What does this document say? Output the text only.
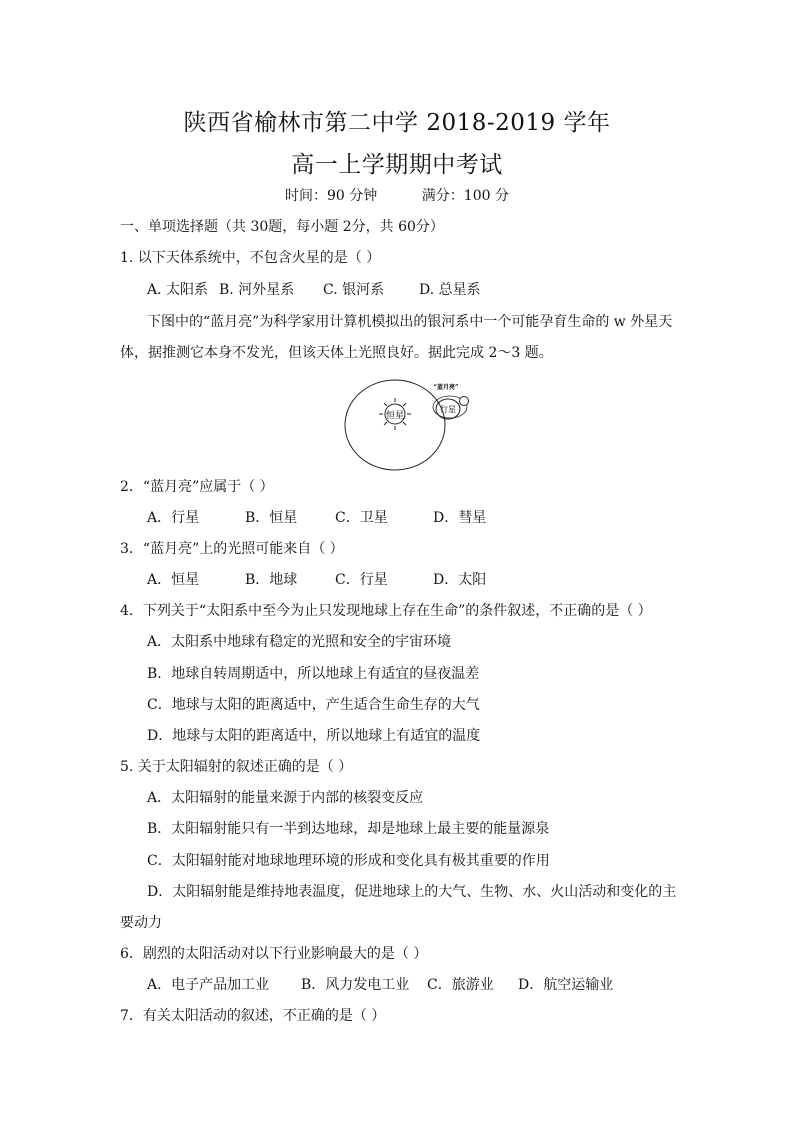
陕西省榆林市第二中学 2018-2019 学年
高一上学期期中考试
时间：90 分钟          满分：100 分
一、单项选择题（共 30题，每小题 2分，共 60分）
1. 以下天体系统中，不包含火星的是（ ）
A. 太阳系 B. 河外星系 C. 银河系 D. 总星系
下图中的“蓝月亮”为科学家用计算机模拟出的银河系中一个可能孕育生命的 w 外星天
体，据推测它本身不发光，但该天体上光照良好。据此完成 2～3 题。
恒星
行星
“蓝月亮”
2．“蓝月亮”应属于（ ）
A．行星	B．恒星	C．卫星	D．彗星
3．“蓝月亮”上的光照可能来自（ ）
A．恒星	B．地球	C．行星	D．太阳
4．下列关于“太阳系中至今为止只发现地球上存在生命”的条件叙述，不正确的是（ ）
A．太阳系中地球有稳定的光照和安全的宇宙环境
B．地球自转周期适中，所以地球上有适宜的昼夜温差
C．地球与太阳的距离适中，产生适合生命生存的大气
D．地球与太阳的距离适中，所以地球上有适宜的温度
5. 关于太阳辐射的叙述正确的是（ ）
A．太阳辐射的能量来源于内部的核裂变反应
B．太阳辐射能只有一半到达地球，却是地球上最主要的能量源泉
C．太阳辐射能对地球地理环境的形成和变化具有极其重要的作用
D．太阳辐射能是维持地表温度，促进地球上的大气、生物、水、火山活动和变化的主
要动力
6．剧烈的太阳活动对以下行业影响最大的是（ ）
A．电子产品加工业 B．风力发电工业 C．旅游业 D．航空运输业
7．有关太阳活动的叙述，不正确的是（ ）
